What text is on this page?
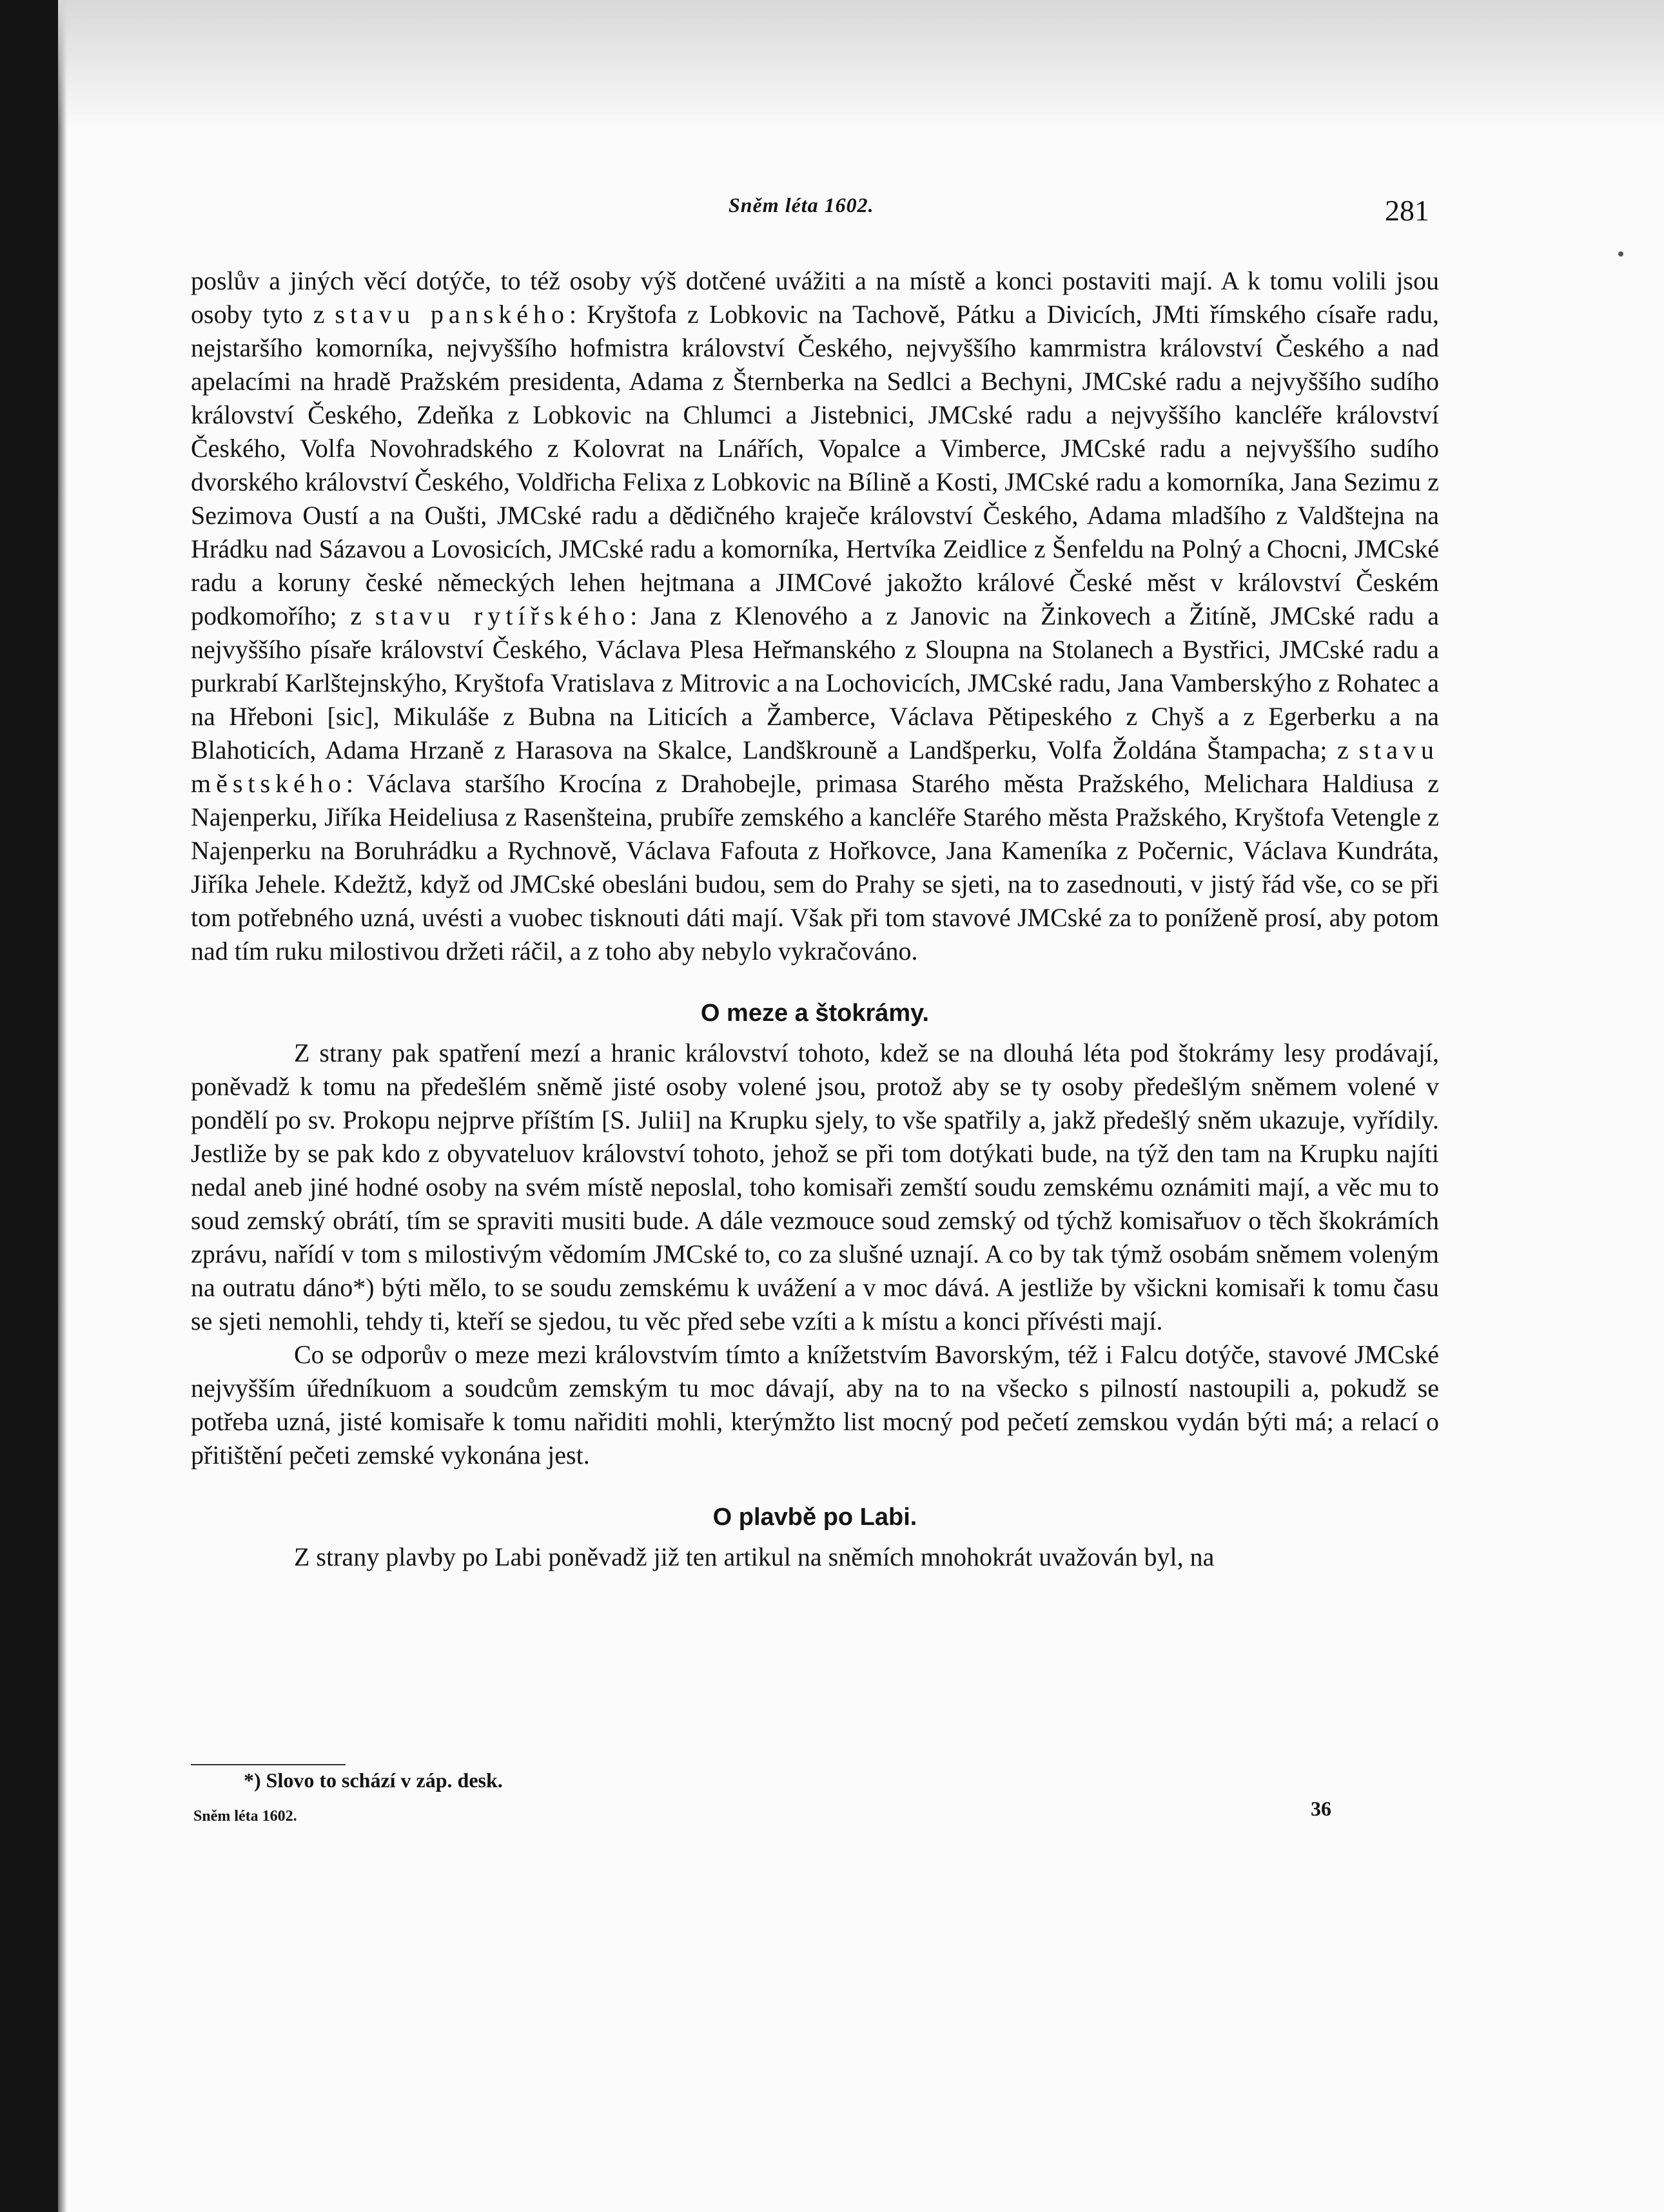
Sněm léta 1602.	281

poslův a jiných věcí dotýče, to též osoby výš dotčené uvážiti a na místě a konci postaviti mají. A k tomu volili jsou osoby tyto z stavu panského: Kryštofa z Lobkovic na Tachově, Pátku a Divicích, JMti římského císaře radu, nejstaršího komorníka, nejvyššího hofmistra království Českého, nejvyššího kamrmistra království Českého a nad apelacími na hradě Pražském presidenta, Adama z Šternberka na Sedlci a Bechyni, JMCské radu a nejvyššího sudího království Českého, Zdeňka z Lobkovic na Chlumci a Jistebnici, JMCské radu a nejvyššího kancléře království Českého, Volfa Novohradského z Kolovrat na Lnářích, Vopalce a Vimberce, JMCské radu a nejvyššího sudího dvorského království Českého, Voldřicha Felixa z Lobkovic na Bílině a Kosti, JMCské radu a komorníka, Jana Sezimu z Sezimova Oustí a na Oušti, JMCské radu a dědičného kraječe království Českého, Adama mladšího z Valdštejna na Hrádku nad Sázavou a Lovosicích, JMCské radu a komorníka, Hertvíka Zeidlice z Šenfeldu na Polný a Chocni, JMCské radu a koruny české německých lehen hejtmana a JIMCové jakožto králové České měst v království Českém podkomořího; z stavu rytířského: Jana z Klenového a z Janovic na Žinkovech a Žitíně, JMCské radu a nejvyššího písaře království Českého, Václava Plesa Heřmanského z Sloupna na Stolanech a Bystřici, JMCské radu a purkrabí Karlštejnskýho, Kryštofa Vratislava z Mitrovic a na Lochovicích, JMCské radu, Jana Vamberskýho z Rohatec a na Hřeboni [sic], Mikuláše z Bubna na Liticích a Žamberce, Václava Pětipeského z Chyš a z Egerberku a na Blahoticích, Adama Hrzaně z Harasova na Skalce, Landškrouně a Landšperku, Volfa Žoldána Štampacha; z stavu městského: Václava staršího Krocína z Drahobejle, primasa Starého města Pražského, Melichara Haldiusa z Najenperku, Jiříka Heideliusa z Rasenšteina, prubíře zemského a kancléře Starého města Pražského, Kryštofa Vetengle z Najenperku na Boruhrádku a Rychnově, Václava Fafouta z Hořkovce, Jana Kameníka z Počernic, Václava Kundráta, Jiříka Jehele. Kdežtž, když od JMCské obesláni budou, sem do Prahy se sjeti, na to zasednouti, v jistý řád vše, co se při tom potřebného uzná, uvésti a vuobec tisknouti dáti mají. Však při tom stavové JMCské za to poníženě prosí, aby potom nad tím ruku milostivou držeti ráčil, a z toho aby nebylo vykračováno.

O meze a štokrámy.

Z strany pak spatření mezí a hranic království tohoto, kdež se na dlouhá léta pod štokrámy lesy prodávají, poněvadž k tomu na předešlém sněmě jisté osoby volené jsou, protož aby se ty osoby předešlým sněmem volené v pondělí po sv. Prokopu nejprve příštím [S. Julii] na Krupku sjely, to vše spatřily a, jakž předešlý sněm ukazuje, vyřídily. Jestliže by se pak kdo z obyvateluov království tohoto, jehož se při tom dotýkati bude, na týž den tam na Krupku najíti nedal aneb jiné hodné osoby na svém místě neposlal, toho komisaři zemští soudu zemskému oznámiti mají, a věc mu to soud zemský obrátí, tím se spraviti musiti bude. A dále vezmouce soud zemský od týchž komisařuov o těch škokrámích zprávu, nařídí v tom s milostivým vědomím JMCské to, co za slušné uznají. A co by tak týmž osobám sněmem voleným na outratu dáno*) býti mělo, to se soudu zemskému k uvážení a v moc dává. A jestliže by všickni komisaři k tomu času se sjeti nemohli, tehdy ti, kteří se sjedou, tu věc před sebe vzíti a k místu a konci přívésti mají.

Co se odporův o meze mezi královstvím tímto a knížetstvím Bavorským, též i Falcu dotýče, stavové JMCské nejvyšším úředníkuom a soudcům zemským tu moc dávají, aby na to na všecko s pilností nastoupili a, pokudž se potřeba uzná, jisté komisaře k tomu nařiditi mohli, kterýmžto list mocný pod pečetí zemskou vydán býti má; a relací o přitištění pečeti zemské vykonána jest.

O plavbě po Labi.

Z strany plavby po Labi poněvadž již ten artikul na sněmích mnohokrát uvažován byl, na

*) Slovo to schází v záp. desk.
Sněm léta 1602.	36
